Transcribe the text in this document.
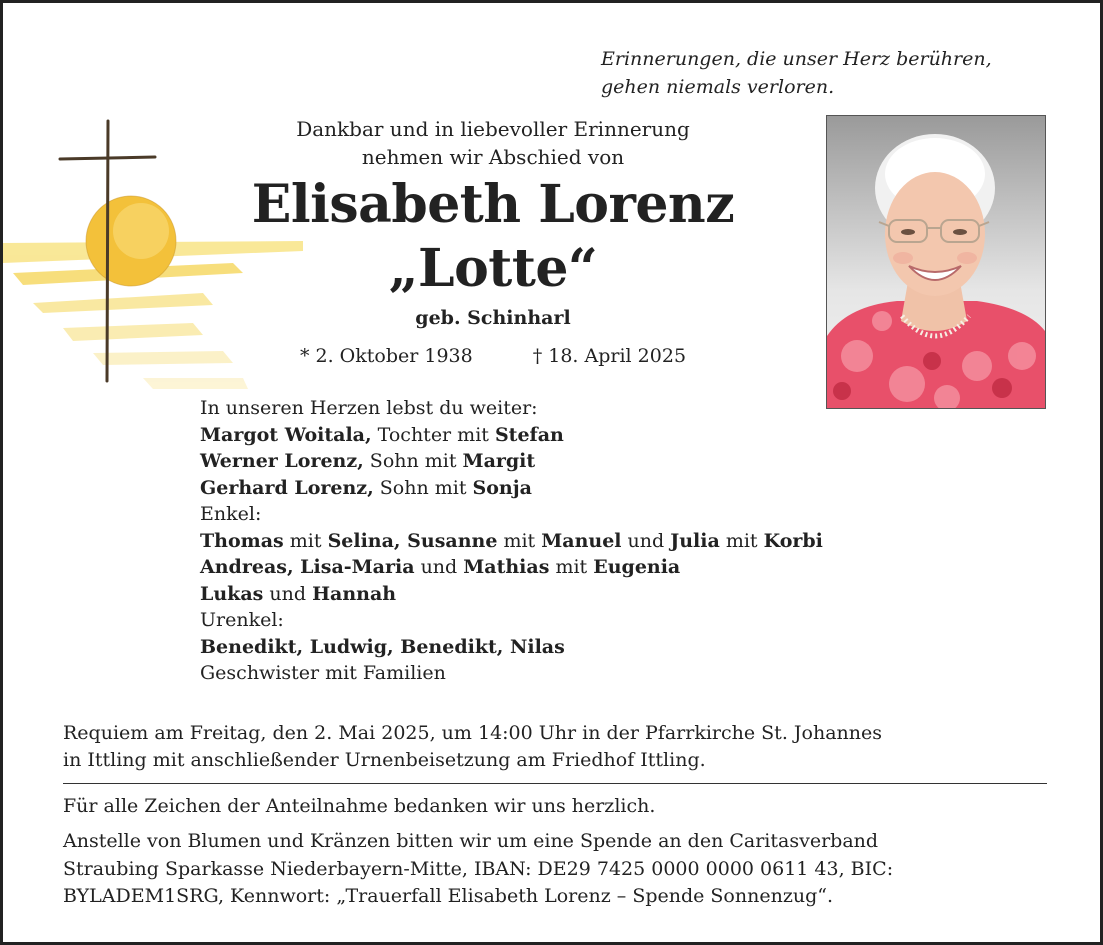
Erinnerungen, die unser Herz berühren,
gehen niemals verloren.
Dankbar und in liebevoller Erinnerung
nehmen wir Abschied von
Elisabeth Lorenz
„Lotte“
geb. Schinharl
* 2. Oktober 1938	† 18. April 2025
In unseren Herzen lebst du weiter:
Margot Woitala, Tochter mit Stefan
Werner Lorenz, Sohn mit Margit
Gerhard Lorenz, Sohn mit Sonja
Enkel:
Thomas mit Selina, Susanne mit Manuel und Julia mit Korbi
Andreas, Lisa-Maria und Mathias mit Eugenia
Lukas und Hannah
Urenkel:
Benedikt, Ludwig, Benedikt, Nilas
Geschwister mit Familien
Requiem am Freitag, den 2. Mai 2025, um 14:00 Uhr in der Pfarrkirche St. Johannes
in Ittling mit anschließender Urnenbeisetzung am Friedhof Ittling.
Für alle Zeichen der Anteilnahme bedanken wir uns herzlich.
Anstelle von Blumen und Kränzen bitten wir um eine Spende an den Caritasverband
Straubing Sparkasse Niederbayern-Mitte, IBAN: DE29 7425 0000 0000 0611 43, BIC:
BYLADEM1SRG, Kennwort: „Trauerfall Elisabeth Lorenz – Spende Sonnenzug“.
